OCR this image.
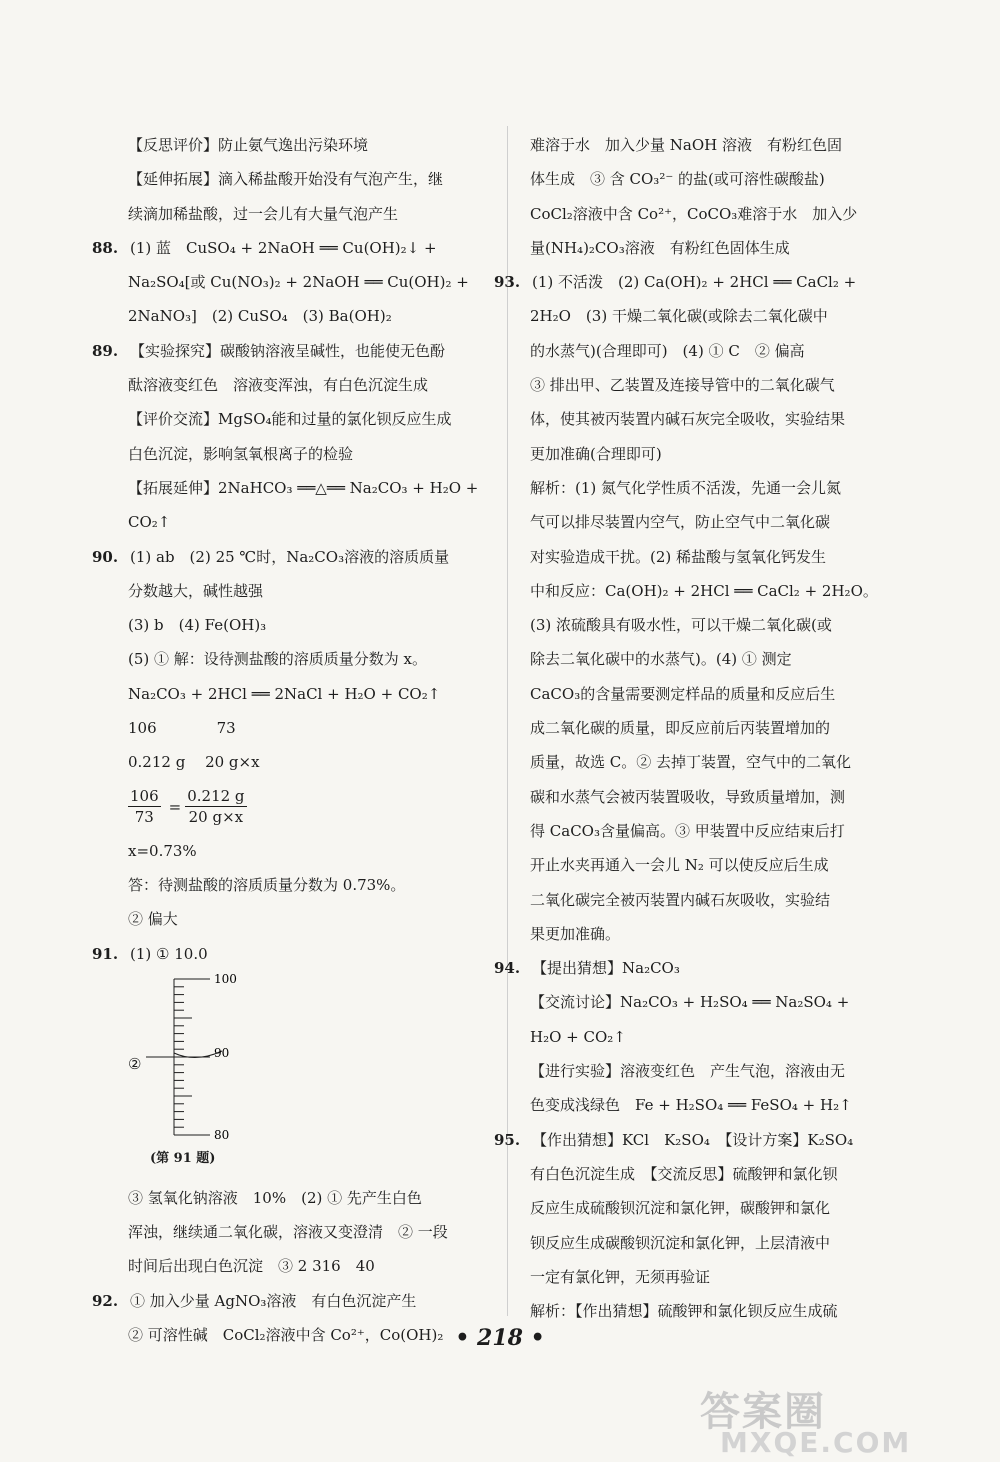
【反思评价】防止氨气逸出污染环境
【延伸拓展】滴入稀盐酸开始没有气泡产生，继
续滴加稀盐酸，过一会儿有大量气泡产生
88. (1) 蓝　CuSO₄ + 2NaOH ══ Cu(OH)₂↓ +
Na₂SO₄[或 Cu(NO₃)₂ + 2NaOH ══ Cu(OH)₂ +
2NaNO₃]　(2) CuSO₄　(3) Ba(OH)₂
89. 【实验探究】碳酸钠溶液呈碱性，也能使无色酚
酞溶液变红色　溶液变浑浊，有白色沉淀生成
【评价交流】MgSO₄能和过量的氯化钡反应生成
白色沉淀，影响氢氧根离子的检验
【拓展延伸】2NaHCO₃ ══△══ Na₂CO₃ + H₂O +
CO₂↑
90. (1) ab　(2) 25 ℃时，Na₂CO₃溶液的溶质质量
分数越大，碱性越强
(3) b　(4) Fe(OH)₃
(5) ① 解：设待测盐酸的溶质质量分数为 x。
Na₂CO₃ + 2HCl ══ 2NaCl + H₂O + CO₂↑
106　　　　73
0.212 g　 20 g×x
$\frac{106}{73} = \frac{0.212 g}{20 g\times x}$
x=0.73%
答：待测盐酸的溶质质量分数为 0.73%。
② 偏大
91. (1) ① 10.0
②
100
90
80
(第 91 题)
③ 氢氧化钠溶液　10%　(2) ① 先产生白色
浑浊，继续通二氧化碳，溶液又变澄清　② 一段
时间后出现白色沉淀　③ 2 316　40
92. ① 加入少量 AgNO₃溶液　有白色沉淀产生
② 可溶性碱　CoCl₂溶液中含 Co²⁺，Co(OH)₂
难溶于水　加入少量 NaOH 溶液　有粉红色固
体生成　③ 含 CO₃²⁻ 的盐(或可溶性碳酸盐)
CoCl₂溶液中含 Co²⁺，CoCO₃难溶于水　加入少
量(NH₄)₂CO₃溶液　有粉红色固体生成
93. (1) 不活泼　(2) Ca(OH)₂ + 2HCl ══ CaCl₂ +
2H₂O　(3) 干燥二氧化碳(或除去二氧化碳中
的水蒸气)(合理即可)　(4) ① C　② 偏高
③ 排出甲、乙装置及连接导管中的二氧化碳气
体，使其被丙装置内碱石灰完全吸收，实验结果
更加准确(合理即可)
解析：(1) 氮气化学性质不活泼，先通一会儿氮
气可以排尽装置内空气，防止空气中二氧化碳
对实验造成干扰。(2) 稀盐酸与氢氧化钙发生
中和反应：Ca(OH)₂ + 2HCl ══ CaCl₂ + 2H₂O。
(3) 浓硫酸具有吸水性，可以干燥二氧化碳(或
除去二氧化碳中的水蒸气)。(4) ① 测定
CaCO₃的含量需要测定样品的质量和反应后生
成二氧化碳的质量，即反应前后丙装置增加的
质量，故选 C。② 去掉丁装置，空气中的二氧化
碳和水蒸气会被丙装置吸收，导致质量增加，测
得 CaCO₃含量偏高。③ 甲装置中反应结束后打
开止水夹再通入一会儿 N₂ 可以使反应后生成
二氧化碳完全被丙装置内碱石灰吸收，实验结
果更加准确。
94. 【提出猜想】Na₂CO₃
【交流讨论】Na₂CO₃ + H₂SO₄ ══ Na₂SO₄ +
H₂O + CO₂↑
【进行实验】溶液变红色　产生气泡，溶液由无
色变成浅绿色　Fe + H₂SO₄ ══ FeSO₄ + H₂↑
95. 【作出猜想】KCl　K₂SO₄　【设计方案】K₂SO₄
有白色沉淀生成　【交流反思】硫酸钾和氯化钡
反应生成硫酸钡沉淀和氯化钾，碳酸钾和氯化
钡反应生成碳酸钡沉淀和氯化钾，上层清液中
一定有氯化钾，无须再验证
解析：【作出猜想】硫酸钾和氯化钡反应生成硫
• 218 •
答案圈
MXQE.COM
